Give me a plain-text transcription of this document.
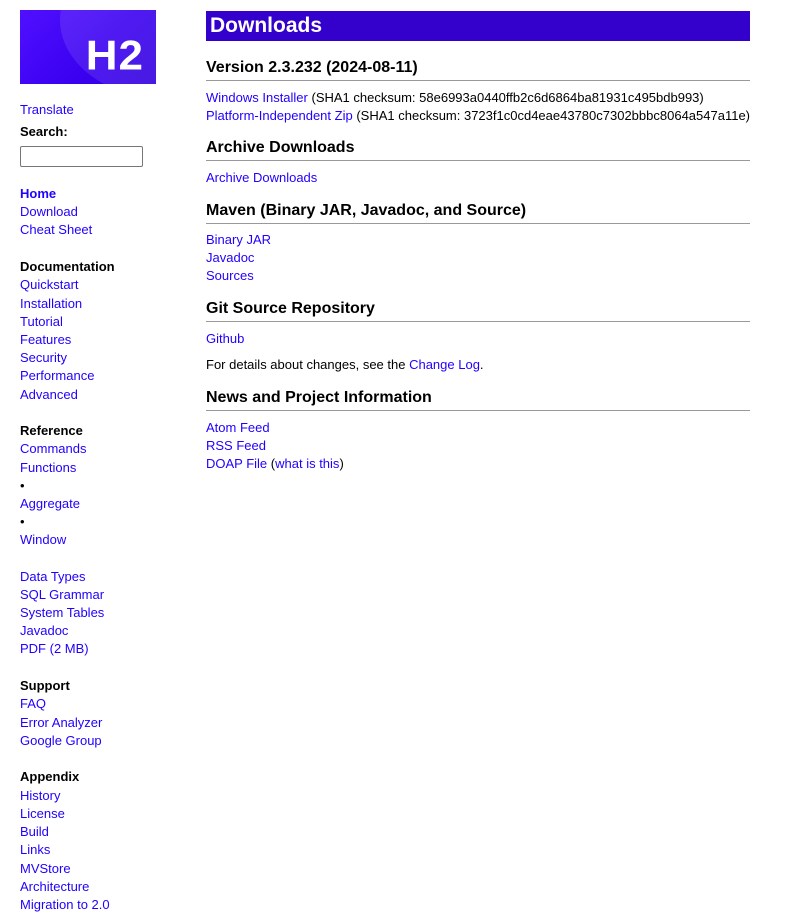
H2
Translate
Search:
Home
Download
Cheat Sheet
Documentation
Quickstart
Installation
Tutorial
Features
Security
Performance
Advanced
Reference
Commands
Functions
•
Aggregate
•
Window
Data Types
SQL Grammar
System Tables
Javadoc
PDF (2 MB)
Support
FAQ
Error Analyzer
Google Group
Appendix
History
License
Build
Links
MVStore
Architecture
Migration to 2.0
Downloads
Version 2.3.232 (2024-08-11)
Windows Installer (SHA1 checksum: 58e6993a0440ffb2c6d6864ba81931c495bdb993)
Platform-Independent Zip (SHA1 checksum: 3723f1c0cd4eae43780c7302bbbc8064a547a11e)
Archive Downloads
Archive Downloads
Maven (Binary JAR, Javadoc, and Source)
Binary JAR
Javadoc
Sources
Git Source Repository
Github

For details about changes, see the Change Log.

News and Project Information
Atom Feed
RSS Feed
DOAP File (what is this)
